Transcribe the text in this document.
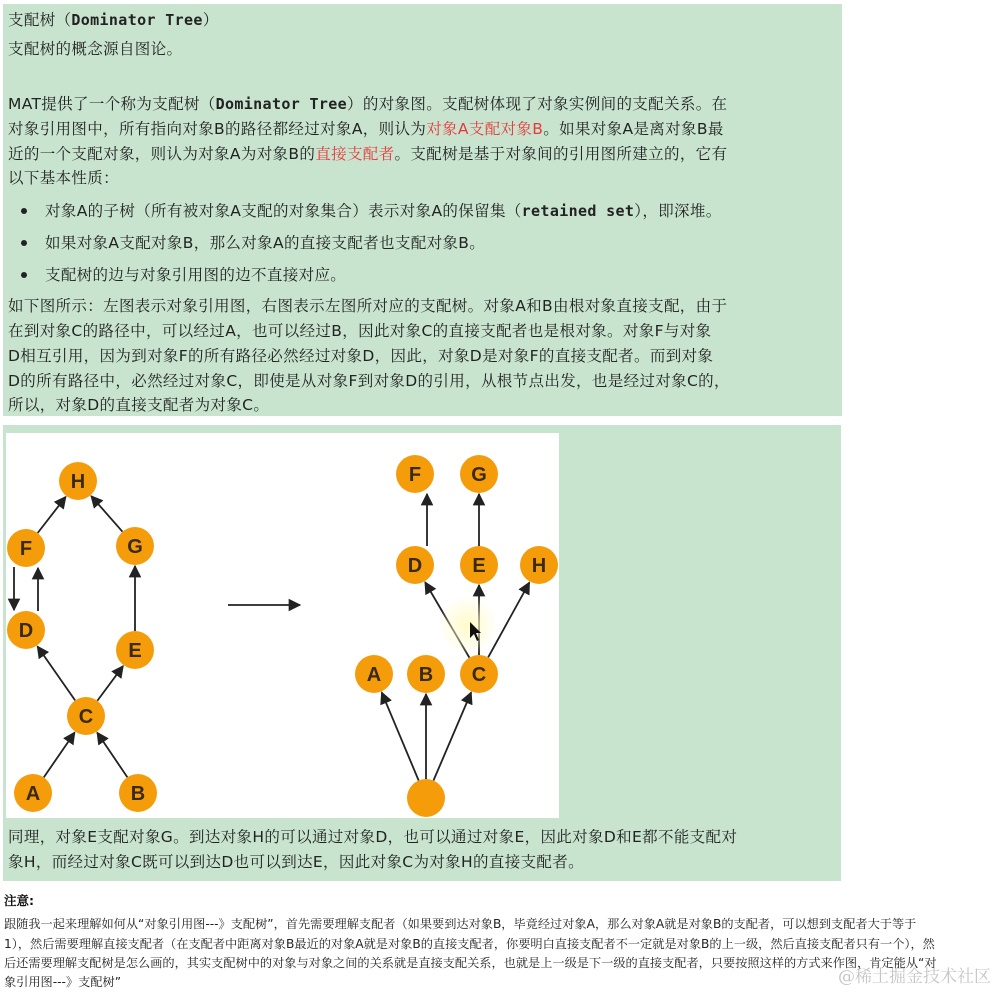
支配树（Dominator Tree）
支配树的概念源自图论。
MAT提供了一个称为支配树（Dominator Tree）的对象图。支配树体现了对象实例间的支配关系。在
对象引用图中，所有指向对象B的路径都经过对象A，则认为对象A支配对象B。如果对象A是离对象B最
近的一个支配对象，则认为对象A为对象B的直接支配者。支配树是基于对象间的引用图所建立的，它有
以下基本性质：
对象A的子树（所有被对象A支配的对象集合）表示对象A的保留集（retained set），即深堆。
如果对象A支配对象B，那么对象A的直接支配者也支配对象B。
支配树的边与对象引用图的边不直接对应。
如下图所示：左图表示对象引用图，右图表示左图所对应的支配树。对象A和B由根对象直接支配，由于
在到对象C的路径中，可以经过A，也可以经过B，因此对象C的直接支配者也是根对象。对象F与对象
D相互引用，因为到对象F的所有路径必然经过对象D，因此，对象D是对象F的直接支配者。而到对象
D的所有路径中，必然经过对象C，即使是从对象F到对象D的引用，从根节点出发，也是经过对象C的，
所以，对象D的直接支配者为对象C。
同理，对象E支配对象G。到达对象H的可以通过对象D，也可以通过对象E，因此对象D和E都不能支配对
象H，而经过对象C既可以到达D也可以到达E，因此对象C为对象H的直接支配者。
H
F	G
D
E
C
A	B
F	G
D	E H
A B C
注意:
跟随我一起来理解如何从“对象引用图---》支配树”，首先需要理解支配者（如果要到达对象B，毕竟经过对象A，那么对象A就是对象B的支配者，可以想到支配者大于等于
1），然后需要理解直接支配者（在支配者中距离对象B最近的对象A就是对象B的直接支配者，你要明白直接支配者不一定就是对象B的上一级，然后直接支配者只有一个），然
后还需要理解支配树是怎么画的，其实支配树中的对象与对象之间的关系就是直接支配关系，也就是上一级是下一级的直接支配者，只要按照这样的方式来作图，肯定能从“对
象引用图---》支配树”	@稀土掘金技术社区
